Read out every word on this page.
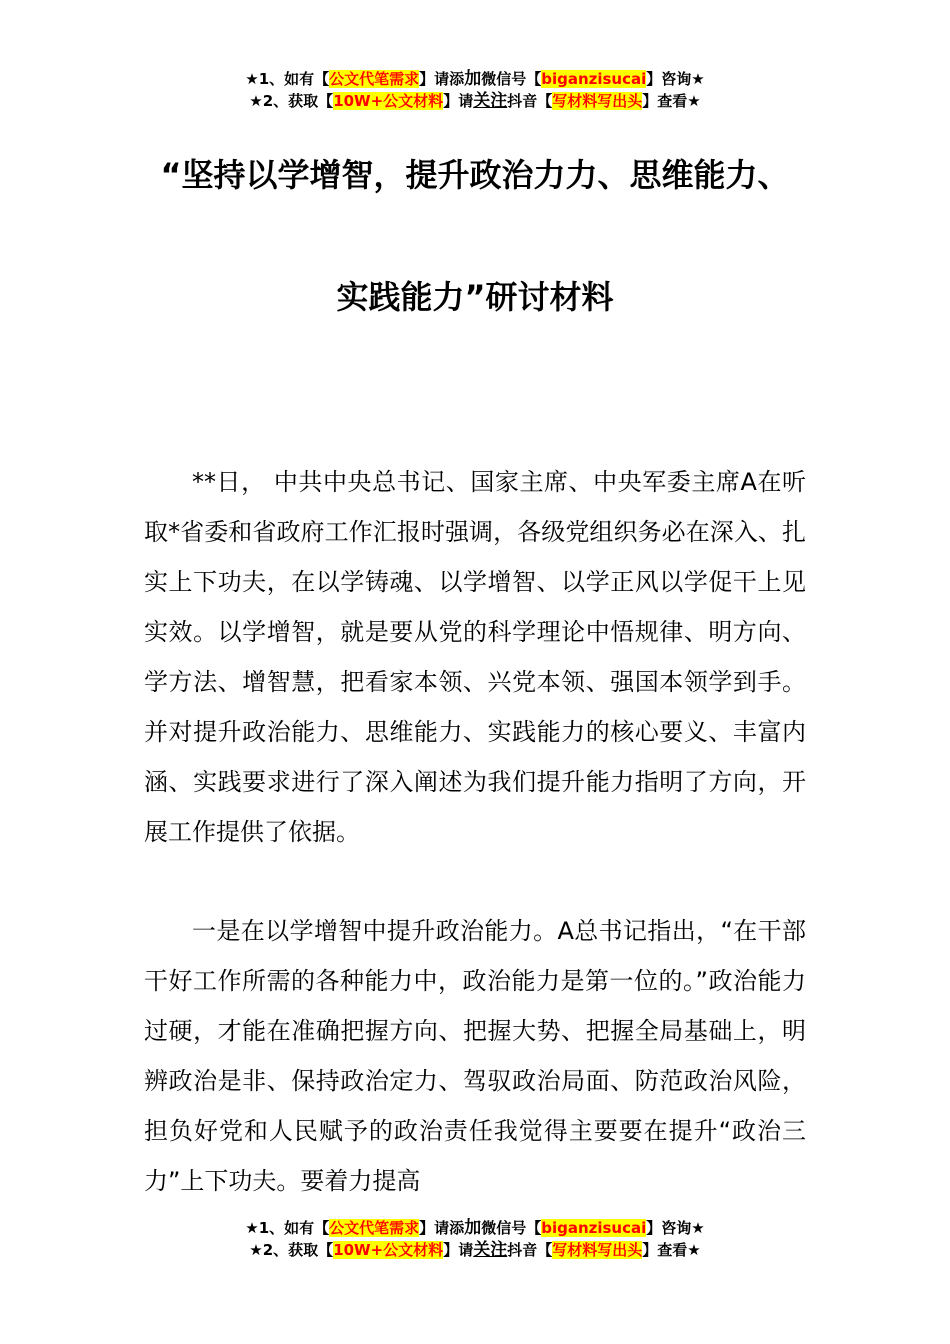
★1、如有【公文代笔需求】请添加微信号【biganzisucai】咨询★
★2、获取【10W+公文材料】请关注抖音【写材料写出头】查看★
“坚持以学增智，提升政治力力、思维能力、
实践能力”研讨材料

**日， 中共中央总书记、国家主席、中央军委主席A在听取*省委和省政府工作汇报时强调，各级党组织务必在深入、扎实上下功夫，在以学铸魂、以学增智、以学正风以学促干上见实效。以学增智，就是要从党的科学理论中悟规律、明方向、学方法、增智慧，把看家本领、兴党本领、强国本领学到手。并对提升政治能力、思维能力、实践能力的核心要义、丰富内涵、实践要求进行了深入阐述为我们提升能力指明了方向，开展工作提供了依据。

一是在以学增智中提升政治能力。A总书记指出，“在干部干好工作所需的各种能力中，政治能力是第一位的。”政治能力过硬，才能在准确把握方向、把握大势、把握全局基础上，明辨政治是非、保持政治定力、驾驭政治局面、防范政治风险，担负好党和人民赋予的政治责任我觉得主要要在提升“政治三力”上下功夫。要着力提高

★1、如有【公文代笔需求】请添加微信号【biganzisucai】咨询★
★2、获取【10W+公文材料】请关注抖音【写材料写出头】查看★
